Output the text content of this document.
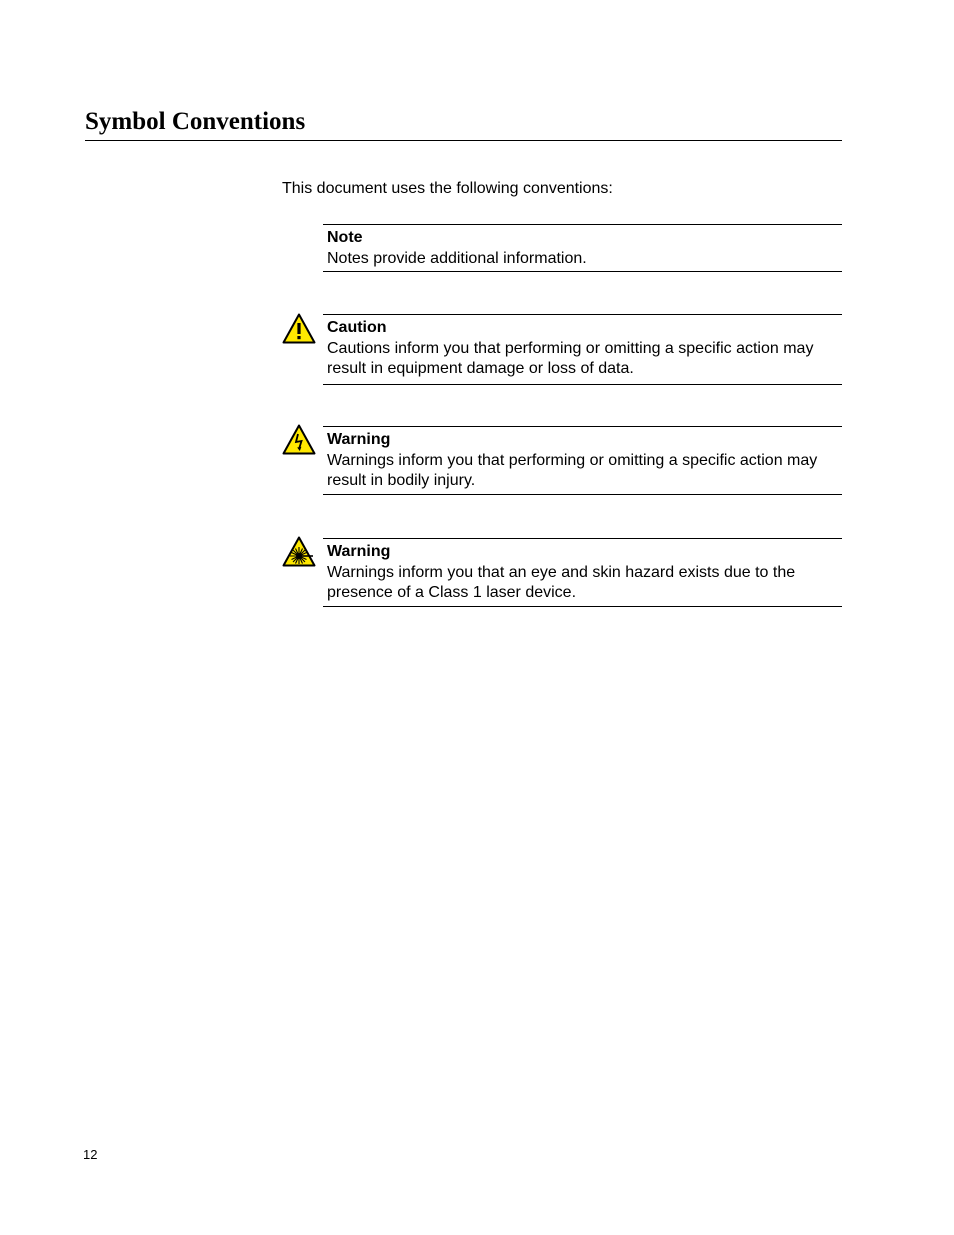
Symbol Conventions

This document uses the following conventions:

Note

Notes provide additional information.

Caution

Cautions inform you that performing or omitting a specific action may result in equipment damage or loss of data.

Warning

Warnings inform you that performing or omitting a specific action may result in bodily injury.

Warning

Warnings inform you that an eye and skin hazard exists due to the presence of a Class 1 laser device.

12
